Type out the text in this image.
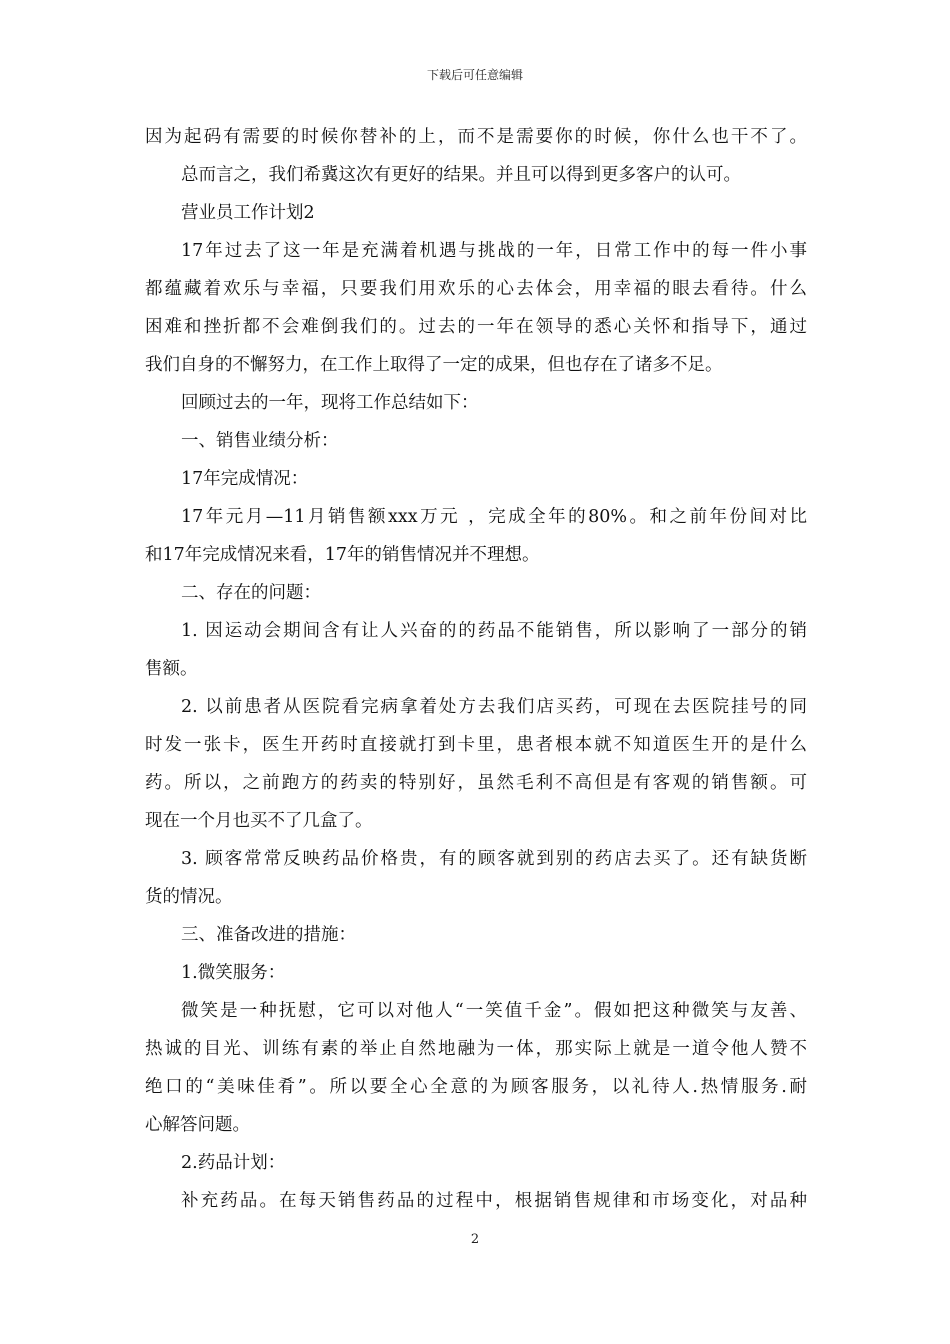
下载后可任意编辑
因为起码有需要的时候你替补的上，而不是需要你的时候，你什么也干不了。
总而言之，我们希冀这次有更好的结果。并且可以得到更多客户的认可。
营业员工作计划2
17年过去了这一年是充满着机遇与挑战的一年，日常工作中的每一件小事
都蕴藏着欢乐与幸福，只要我们用欢乐的心去体会，用幸福的眼去看待。什么
困难和挫折都不会难倒我们的。过去的一年在领导的悉心关怀和指导下，通过
我们自身的不懈努力，在工作上取得了一定的成果，但也存在了诸多不足。
回顾过去的一年，现将工作总结如下：
一、销售业绩分析：
17年完成情况：
17年元月—11月销售额xxx万元 ，完成全年的80%。和之前年份间对比
和17年完成情况来看，17年的销售情况并不理想。
二、存在的问题：
1. 因运动会期间含有让人兴奋的的药品不能销售，所以影响了一部分的销
售额。
2. 以前患者从医院看完病拿着处方去我们店买药，可现在去医院挂号的同
时发一张卡，医生开药时直接就打到卡里，患者根本就不知道医生开的是什么
药。所以，之前跑方的药卖的特别好，虽然毛利不高但是有客观的销售额。可
现在一个月也买不了几盒了。
3. 顾客常常反映药品价格贵，有的顾客就到别的药店去买了。还有缺货断
货的情况。
三、准备改进的措施：
1.微笑服务：
微笑是一种抚慰，它可以对他人“一笑值千金”。假如把这种微笑与友善、
热诚的目光、训练有素的举止自然地融为一体，那实际上就是一道令他人赞不
绝口的“美味佳肴”。所以要全心全意的为顾客服务，以礼待人.热情服务.耐
心解答问题。
2.药品计划：
补充药品。在每天销售药品的过程中，根据销售规律和市场变化，对品种
2
